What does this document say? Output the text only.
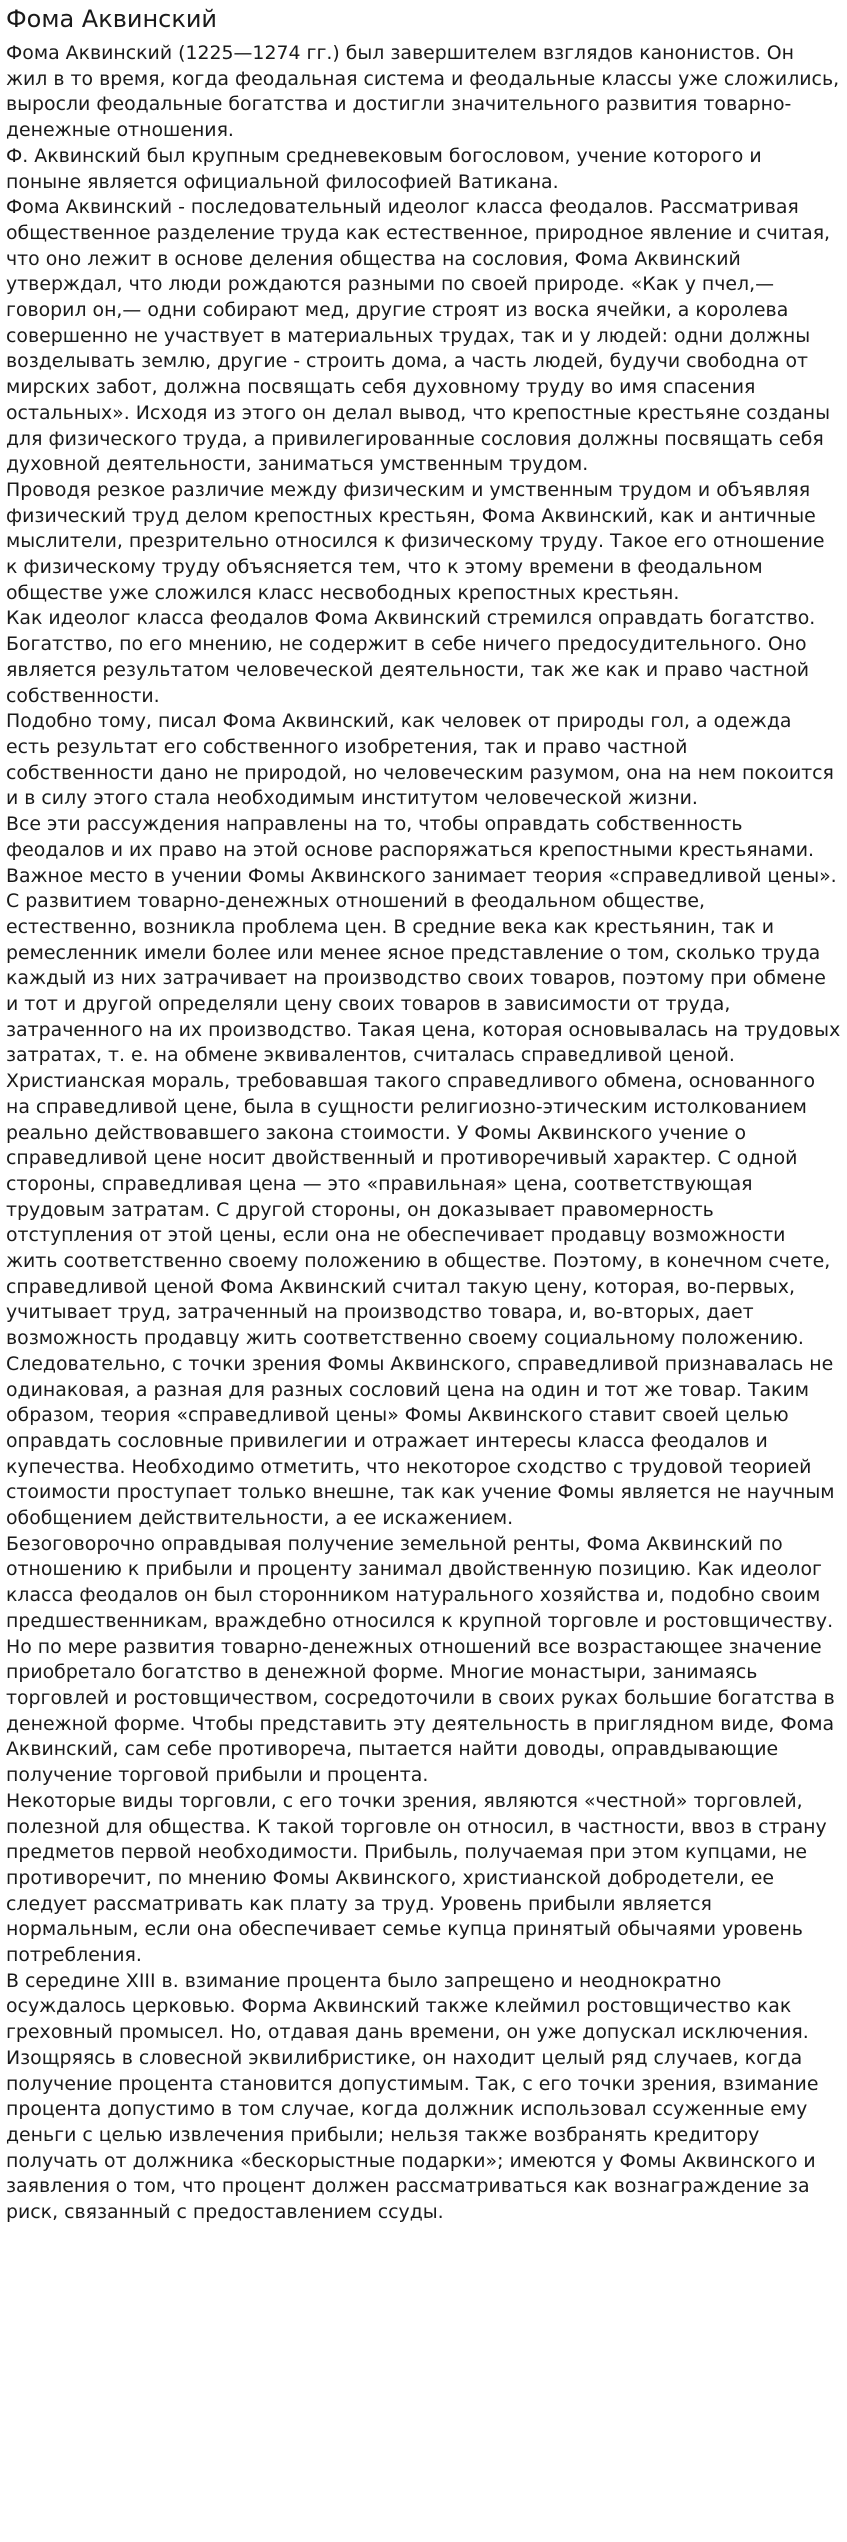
Фома Аквинский

Фома Аквинский (1225—1274 гг.) был завершителем взглядов канонистов. Он жил в то время, когда феодальная система и феодальные классы уже сложились, выросли феодальные богатства и достигли значительного развития товарно-денежные отношения.

Ф. Аквинский был крупным средневековым богословом, учение которого и поныне является официальной философией Ватикана.

Фома Аквинский - последовательный идеолог класса феодалов. Рассматривая общественное разделение труда как естественное, природное явление и считая, что оно лежит в основе деления общества на сословия, Фома Аквинский утверждал, что люди рождаются разными по своей природе. «Как у пчел,— говорил он,— одни собирают мед, другие строят из воска ячейки, а королева совершенно не участвует в материальных трудах, так и у людей: одни должны возделывать землю, другие - строить дома, а часть людей, будучи свободна от мирских забот, должна посвящать себя духовному труду во имя спасения остальных». Исходя из этого он делал вывод, что крепостные крестьяне созданы для физического труда, а привилегированные сословия должны посвящать себя духовной деятельности, заниматься умственным трудом.

Проводя резкое различие между физическим и умственным трудом и объявляя физический труд делом крепостных крестьян, Фома Аквинский, как и античные мыслители, презрительно относился к физическому труду. Такое его отношение к физическому труду объясняется тем, что к этому времени в феодальном обществе уже сложился класс несвободных крепостных крестьян.

Как идеолог класса феодалов Фома Аквинский стремился оправдать богатство. Богатство, по его мнению, не содержит в себе ничего предосудительного. Оно является результатом человеческой деятельности, так же как и право частной собственности.

Подобно тому, писал Фома Аквинский, как человек от природы гол, а одежда есть результат его собственного изобретения, так и право частной собственности дано не природой, но человеческим разумом, она на нем покоится и в силу этого стала необходимым институтом человеческой жизни.

Все эти рассуждения направлены на то, чтобы оправдать собственность феодалов и их право на этой основе распоряжаться крепостными крестьянами.

Важное место в учении Фомы Аквинского занимает теория «справедливой цены». С развитием товарно-денежных отношений в феодальном обществе, естественно, возникла проблема цен. В средние века как крестьянин, так и ремесленник имели более или менее ясное представление о том, сколько труда каждый из них затрачивает на производство своих товаров, поэтому при обмене и тот и другой определяли цену своих товаров в зависимости от труда, затраченного на их производство. Такая цена, которая основывалась на трудовых затратах, т. е. на обмене эквивалентов, считалась справедливой ценой. Христианская мораль, требовавшая такого справедливого обмена, основанного на справедливой цене, была в сущности религиозно-этическим истолкованием реально действовавшего закона стоимости. У Фомы Аквинского учение о справедливой цене носит двойственный и противоречивый характер. С одной стороны, справедливая цена — это «правильная» цена, соответствующая трудовым затратам. С другой стороны, он доказывает правомерность отступления от этой цены, если она не обеспечивает продавцу возможности жить соответственно своему положению в обществе. Поэтому, в конечном счете, справедливой ценой Фома Аквинский считал такую цену, которая, во-первых, учитывает труд, затраченный на производство товара, и, во-вторых, дает возможность продавцу жить соответственно своему социальному положению. Следовательно, с точки зрения Фомы Аквинского, справедливой признавалась не одинаковая, а разная для разных сословий цена на один и тот же товар. Таким образом, теория «справедливой цены» Фомы Аквинского ставит своей целью оправдать сословные привилегии и отражает интересы класса феодалов и купечества. Необходимо отметить, что некоторое сходство с трудовой теорией стоимости проступает только внешне, так как учение Фомы является не научным обобщением действительности, а ее искажением.

Безоговорочно оправдывая получение земельной ренты, Фома Аквинский по отношению к прибыли и проценту занимал двойственную позицию. Как идеолог класса феодалов он был сторонником натурального хозяйства и, подобно своим предшественникам, враждебно относился к крупной торговле и ростовщичеству. Но по мере развития товарно-денежных отношений все возрастающее значение приобретало богатство в денежной форме. Многие монастыри, занимаясь торговлей и ростовщичеством, сосредоточили в своих руках большие богатства в денежной форме. Чтобы представить эту деятельность в приглядном виде, Фома Аквинский, сам себе противореча, пытается найти доводы, оправдывающие получение торговой прибыли и процента.

Некоторые виды торговли, с его точки зрения, являются «честной» торговлей, полезной для общества. К такой торговле он относил, в частности, ввоз в страну предметов первой необходимости. Прибыль, получаемая при этом купцами, не противоречит, по мнению Фомы Аквинского, христианской добродетели, ее следует рассматривать как плату за труд. Уровень прибыли является нормальным, если она обеспечивает семье купца принятый обычаями уровень потребления.

В середине XIII в. взимание процента было запрещено и неоднократно осуждалось церковью. Форма Аквинский также клеймил ростовщичество как греховный промысел. Но, отдавая дань времени, он уже допускал исключения. Изощряясь в словесной эквилибристике, он находит целый ряд случаев, когда получение процента становится допустимым. Так, с его точки зрения, взимание процента допустимо в том случае, когда должник использовал ссуженные ему деньги с целью извлечения прибыли; нельзя также возбранять кредитору получать от должника «бескорыстные подарки»; имеются у Фомы Аквинского и заявления о том, что процент должен рассматриваться как вознаграждение за риск, связанный с предоставлением ссуды.
